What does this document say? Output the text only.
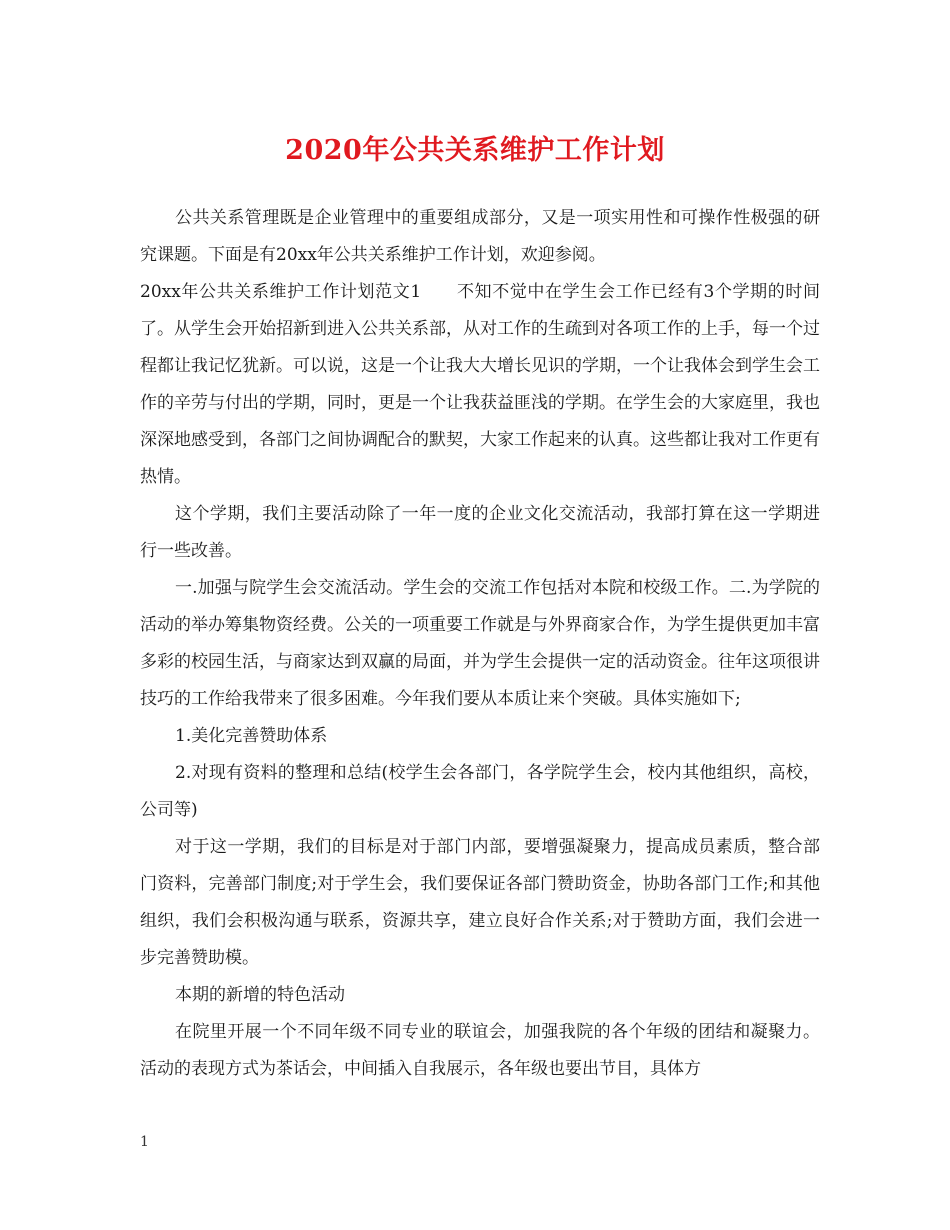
2020年公共关系维护工作计划

公共关系管理既是企业管理中的重要组成部分，又是一项实用性和可操作性极强的研究课题。下面是有20xx年公共关系维护工作计划，欢迎参阅。

20xx年公共关系维护工作计划范文1　　不知不觉中在学生会工作已经有3个学期的时间了。从学生会开始招新到进入公共关系部，从对工作的生疏到对各项工作的上手，每一个过程都让我记忆犹新。可以说，这是一个让我大大增长见识的学期，一个让我体会到学生会工作的辛劳与付出的学期，同时，更是一个让我获益匪浅的学期。在学生会的大家庭里，我也深深地感受到，各部门之间协调配合的默契，大家工作起来的认真。这些都让我对工作更有热情。

这个学期，我们主要活动除了一年一度的企业文化交流活动，我部打算在这一学期进行一些改善。

一.加强与院学生会交流活动。学生会的交流工作包括对本院和校级工作。二.为学院的活动的举办筹集物资经费。公关的一项重要工作就是与外界商家合作，为学生提供更加丰富多彩的校园生活，与商家达到双赢的局面，并为学生会提供一定的活动资金。往年这项很讲技巧的工作给我带来了很多困难。今年我们要从本质让来个突破。具体实施如下;

1.美化完善赞助体系

2.对现有资料的整理和总结(校学生会各部门，各学院学生会，校内其他组织，高校，公司等)

对于这一学期，我们的目标是对于部门内部，要增强凝聚力，提高成员素质，整合部门资料，完善部门制度;对于学生会，我们要保证各部门赞助资金，协助各部门工作;和其他组织，我们会积极沟通与联系，资源共享，建立良好合作关系;对于赞助方面，我们会进一步完善赞助模。

本期的新增的特色活动

在院里开展一个不同年级不同专业的联谊会，加强我院的各个年级的团结和凝聚力。活动的表现方式为茶话会，中间插入自我展示，各年级也要出节目，具体方

1
